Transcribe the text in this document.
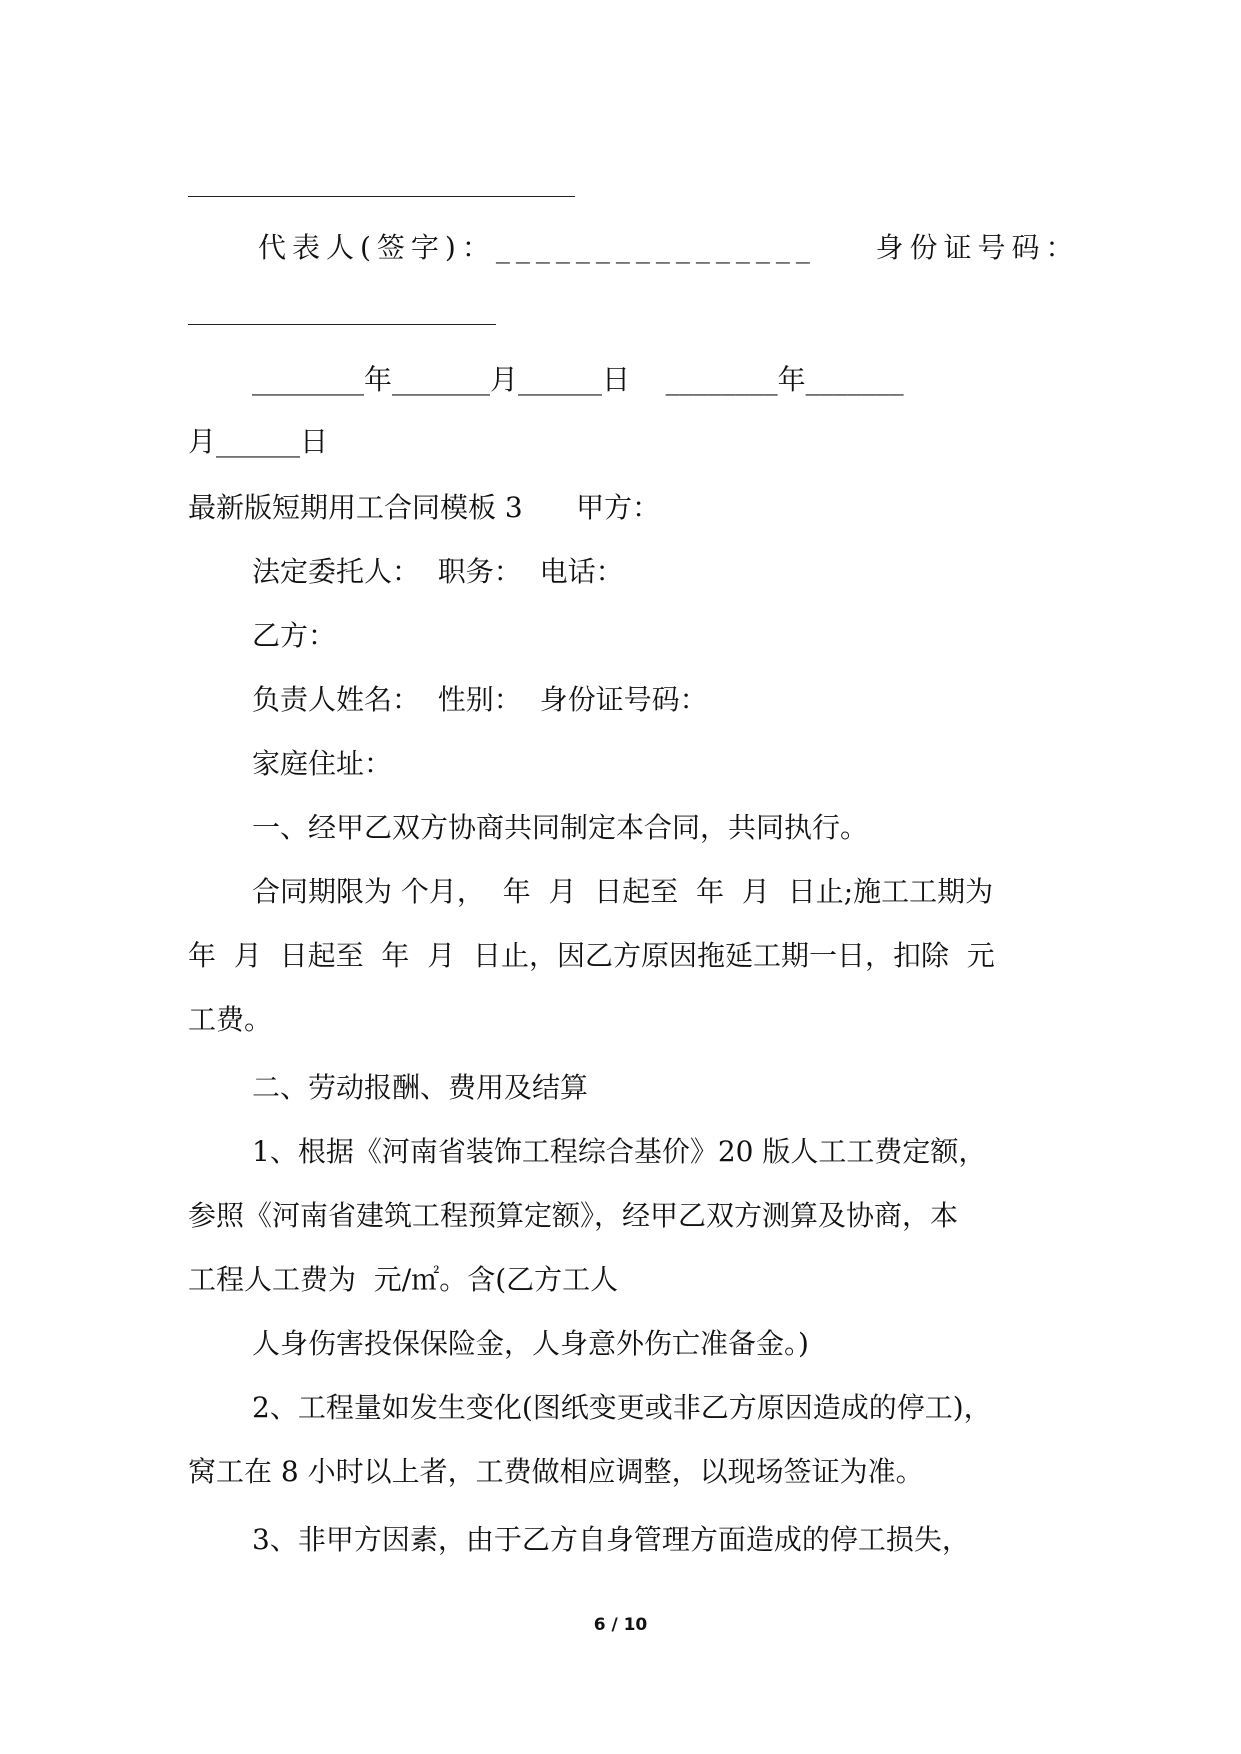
代表人(签字)：________________    身份证号码：
________年_______月______日    ________年_______
月______日
最新版短期用工合同模板 3      甲方：
法定委托人：  职务：  电话：
乙方：
负责人姓名：  性别：  身份证号码：
家庭住址：
一、经甲乙双方协商共同制定本合同，共同执行。
合同期限为 个月，  年  月  日起至  年  月  日止;施工工期为
年  月  日起至  年  月  日止，因乙方原因拖延工期一日，扣除  元
工费。
二、劳动报酬、费用及结算
1、根据《河南省装饰工程综合基价》20 版人工工费定额，
参照《河南省建筑工程预算定额》，经甲乙双方测算及协商，本
工程人工费为  元/㎡。含(乙方工人
人身伤害投保保险金，人身意外伤亡准备金。)
2、工程量如发生变化(图纸变更或非乙方原因造成的停工)，
窝工在 8 小时以上者，工费做相应调整，以现场签证为准。
3、非甲方因素，由于乙方自身管理方面造成的停工损失，
6 / 10
